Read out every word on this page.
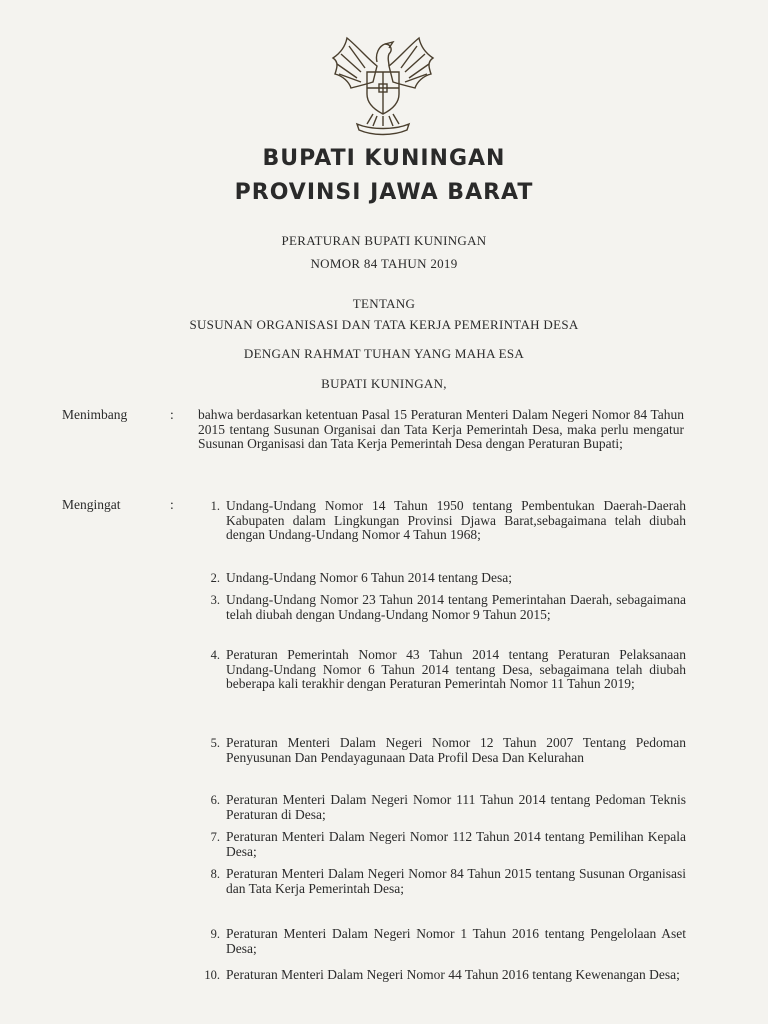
BUPATI KUNINGAN
PROVINSI JAWA BARAT
PERATURAN BUPATI KUNINGAN
NOMOR 84 TAHUN 2019
TENTANG
SUSUNAN ORGANISASI DAN TATA KERJA PEMERINTAH DESA
DENGAN RAHMAT TUHAN YANG MAHA ESA
BUPATI KUNINGAN,
Menimbang	: bahwa berdasarkan ketentuan Pasal 15 Peraturan Menteri Dalam Negeri Nomor 84 Tahun 2015 tentang Susunan Organisai dan Tata Kerja Pemerintah Desa, maka perlu mengatur Susunan Organisasi dan Tata Kerja Pemerintah Desa dengan Peraturan Bupati;
Mengingat	:	1. Undang-Undang Nomor 14 Tahun 1950 tentang Pembentukan Daerah-Daerah Kabupaten dalam Lingkungan Provinsi Djawa Barat,sebagaimana telah diubah dengan Undang-Undang Nomor 4 Tahun 1968;
2. Undang-Undang Nomor 6 Tahun 2014 tentang Desa;
3. Undang-Undang Nomor 23 Tahun 2014 tentang Pemerintahan Daerah, sebagaimana telah diubah dengan Undang-Undang Nomor 9 Tahun 2015;
4. Peraturan Pemerintah Nomor 43 Tahun 2014 tentang Peraturan Pelaksanaan Undang-Undang Nomor 6 Tahun 2014 tentang Desa, sebagaimana telah diubah beberapa kali terakhir dengan Peraturan Pemerintah Nomor 11 Tahun 2019;
5. Peraturan Menteri Dalam Negeri Nomor 12 Tahun 2007 Tentang Pedoman Penyusunan Dan Pendayagunaan Data Profil Desa Dan Kelurahan
6. Peraturan Menteri Dalam Negeri Nomor 111 Tahun 2014 tentang Pedoman Teknis Peraturan di Desa;
7. Peraturan Menteri Dalam Negeri Nomor 112 Tahun 2014 tentang Pemilihan Kepala Desa;
8. Peraturan Menteri Dalam Negeri Nomor 84 Tahun 2015 tentang Susunan Organisasi dan Tata Kerja Pemerintah Desa;
9. Peraturan Menteri Dalam Negeri Nomor 1 Tahun 2016 tentang Pengelolaan Aset Desa;
10. Peraturan Menteri Dalam Negeri Nomor 44 Tahun 2016 tentang Kewenangan Desa;
